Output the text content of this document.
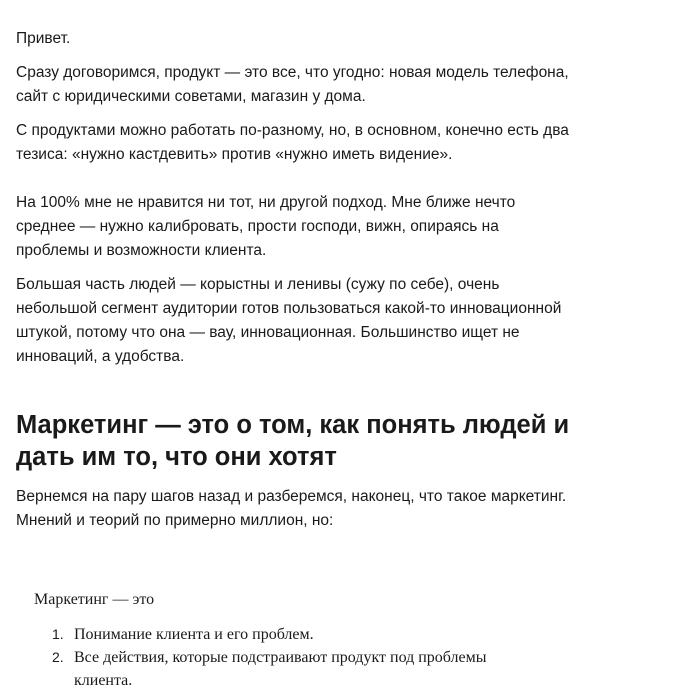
Привет.

Сразу договоримся, продукт — это все, что угодно: новая модель телефона, сайт с юридическими советами, магазин у дома.

С продуктами можно работать по-разному, но, в основном, конечно есть два тезиса: «нужно кастдевить» против «нужно иметь видение».

На 100% мне не нравится ни тот, ни другой подход. Мне ближе нечто среднее — нужно калибровать, прости господи, вижн, опираясь на проблемы и возможности клиента.

Большая часть людей — корыстны и ленивы (сужу по себе), очень небольшой сегмент аудитории готов пользоваться какой-то инновационной штукой, потому что она — вау, инновационная. Большинство ищет не инноваций, а удобства.

Маркетинг — это о том, как понять людей и дать им то, что они хотят

Вернемся на пару шагов назад и разберемся, наконец, что такое маркетинг. Мнений и теорий по примерно миллион, но:

Маркетинг — это

1. Понимание клиента и его проблем.
2. Все действия, которые подстраивают продукт под проблемы клиента.
